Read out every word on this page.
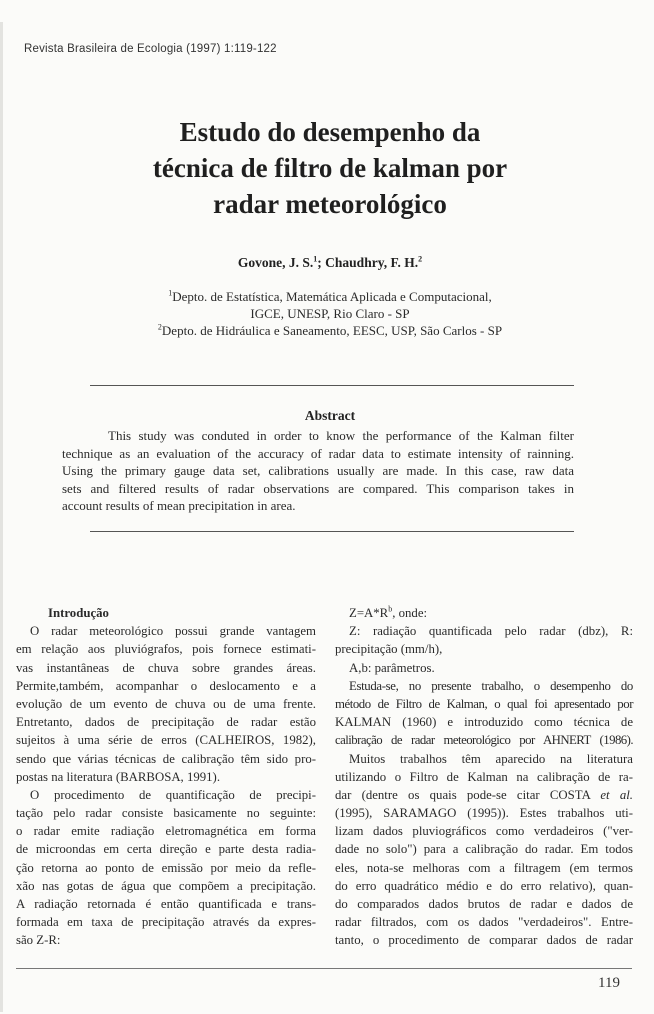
Revista Brasileira de Ecologia (1997) 1:119-122
Estudo do desempenho da
técnica de filtro de kalman por
radar meteorológico
Govone, J. S.$^1$; Chaudhry, F. H.$^2$
$^1$Depto. de Estatística, Matemática Aplicada e Computacional,
IGCE, UNESP, Rio Claro - SP
$^2$Depto. de Hidráulica e Saneamento, EESC, USP, São Carlos - SP
Abstract
This study was conduted in order to know the performance of the Kalman filter
technique as an evaluation of the accuracy of radar data to estimate intensity of rainning.
Using the primary gauge data set, calibrations usually are made. In this case, raw data
sets and filtered results of radar observations are compared. This comparison takes in
account results of mean precipitation in area.
Introdução
O radar meteorológico possui grande vantagem
em relação aos pluviógrafos, pois fornece estimati-
vas instantâneas de chuva sobre grandes áreas.
Permite,também, acompanhar o deslocamento e a
evolução de um evento de chuva ou de uma frente.
Entretanto, dados de precipitação de radar estão
sujeitos à uma série de erros (CALHEIROS, 1982),
sendo que várias técnicas de calibração têm sido pro-
postas na literatura (BARBOSA, 1991).
O procedimento de quantificação de precipi-
tação pelo radar consiste basicamente no seguinte:
o radar emite radiação eletromagnética em forma
de microondas em certa direção e parte desta radia-
ção retorna ao ponto de emissão por meio da refle-
xão nas gotas de água que compõem a precipitação.
A radiação retornada é então quantificada e trans-
formada em taxa de precipitação através da expres-
são Z-R:
$Z=A*R^b$, onde:
Z: radiação quantificada pelo radar (dbz), R:
precipitação (mm/h),
A,b: parâmetros.
Estuda-se, no presente trabalho, o desempenho do
método de Filtro de Kalman, o qual foi apresentado por
KALMAN (1960) e introduzido como técnica de
calibração de radar meteorológico por AHNERT (1986).
Muitos trabalhos têm aparecido na literatura
utilizando o Filtro de Kalman na calibração de ra-
dar (dentre os quais pode-se citar COSTA et al.
(1995), SARAMAGO (1995)). Estes trabalhos uti-
lizam dados pluviográficos como verdadeiros ("ver-
dade no solo") para a calibração do radar. Em todos
eles, nota-se melhoras com a filtragem (em termos
do erro quadrático médio e do erro relativo), quan-
do comparados dados brutos de radar e dados de
radar filtrados, com os dados "verdadeiros". Entre-
tanto, o procedimento de comparar dados de radar
119
